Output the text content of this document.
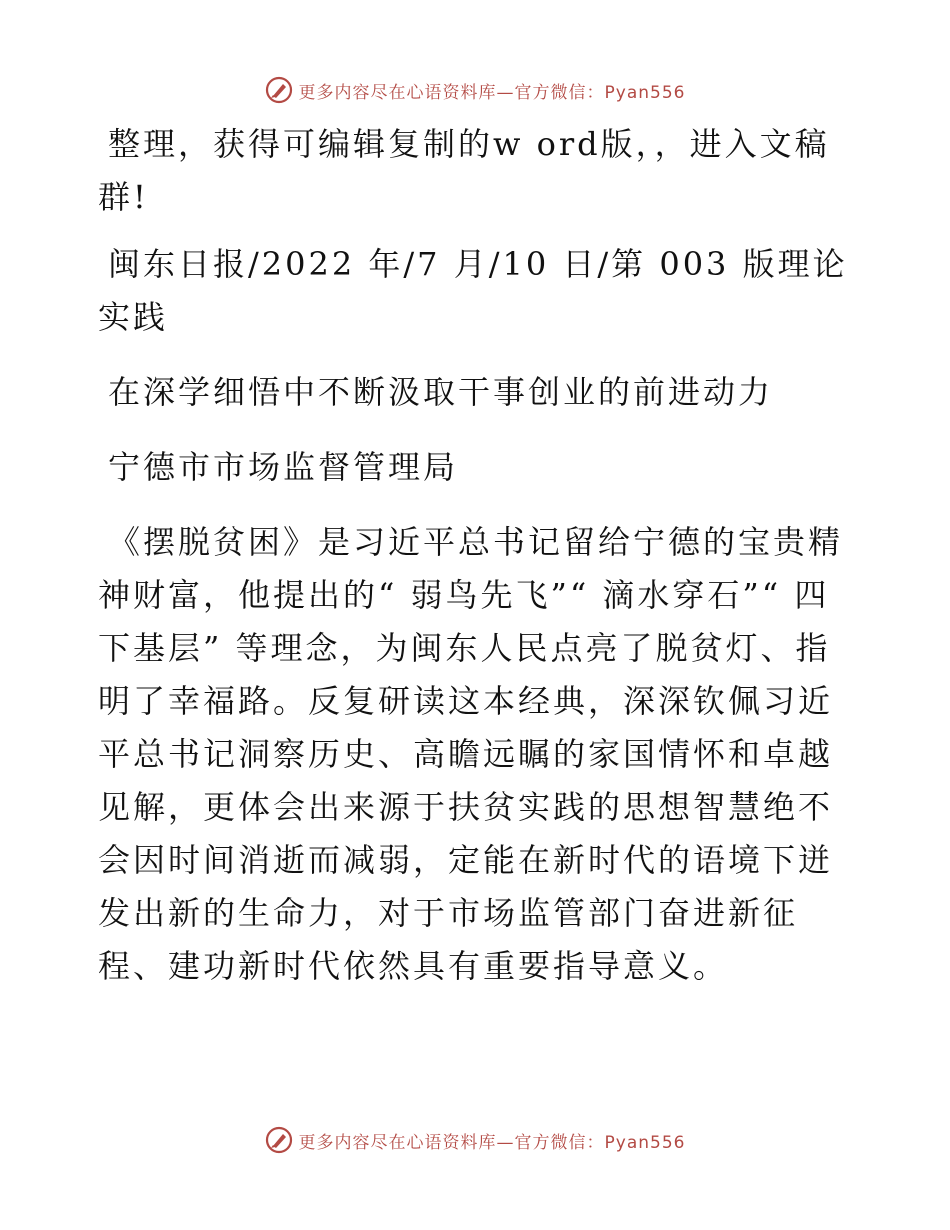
更多内容尽在心语资料库—官方微信：Pyan556

整理，获得可编辑复制的w ord版，，进入文稿群!

闽东日报/2022 年/7 月/10 日/第 003 版理论实践

在深学细悟中不断汲取干事创业的前进动力

宁德市市场监督管理局

《摆脱贫困》是习近平总书记留给宁德的宝贵精神财富，他提出的“ 弱鸟先飞”“ 滴水穿石”“ 四下基层” 等理念，为闽东人民点亮了脱贫灯、指明了幸福路。反复研读这本经典，深深钦佩习近平总书记洞察历史、高瞻远瞩的家国情怀和卓越见解，更体会出来源于扶贫实践的思想智慧绝不会因时间消逝而减弱，定能在新时代的语境下迸发出新的生命力，对于市场监管部门奋进新征程、建功新时代依然具有重要指导意义。

更多内容尽在心语资料库—官方微信：Pyan556
